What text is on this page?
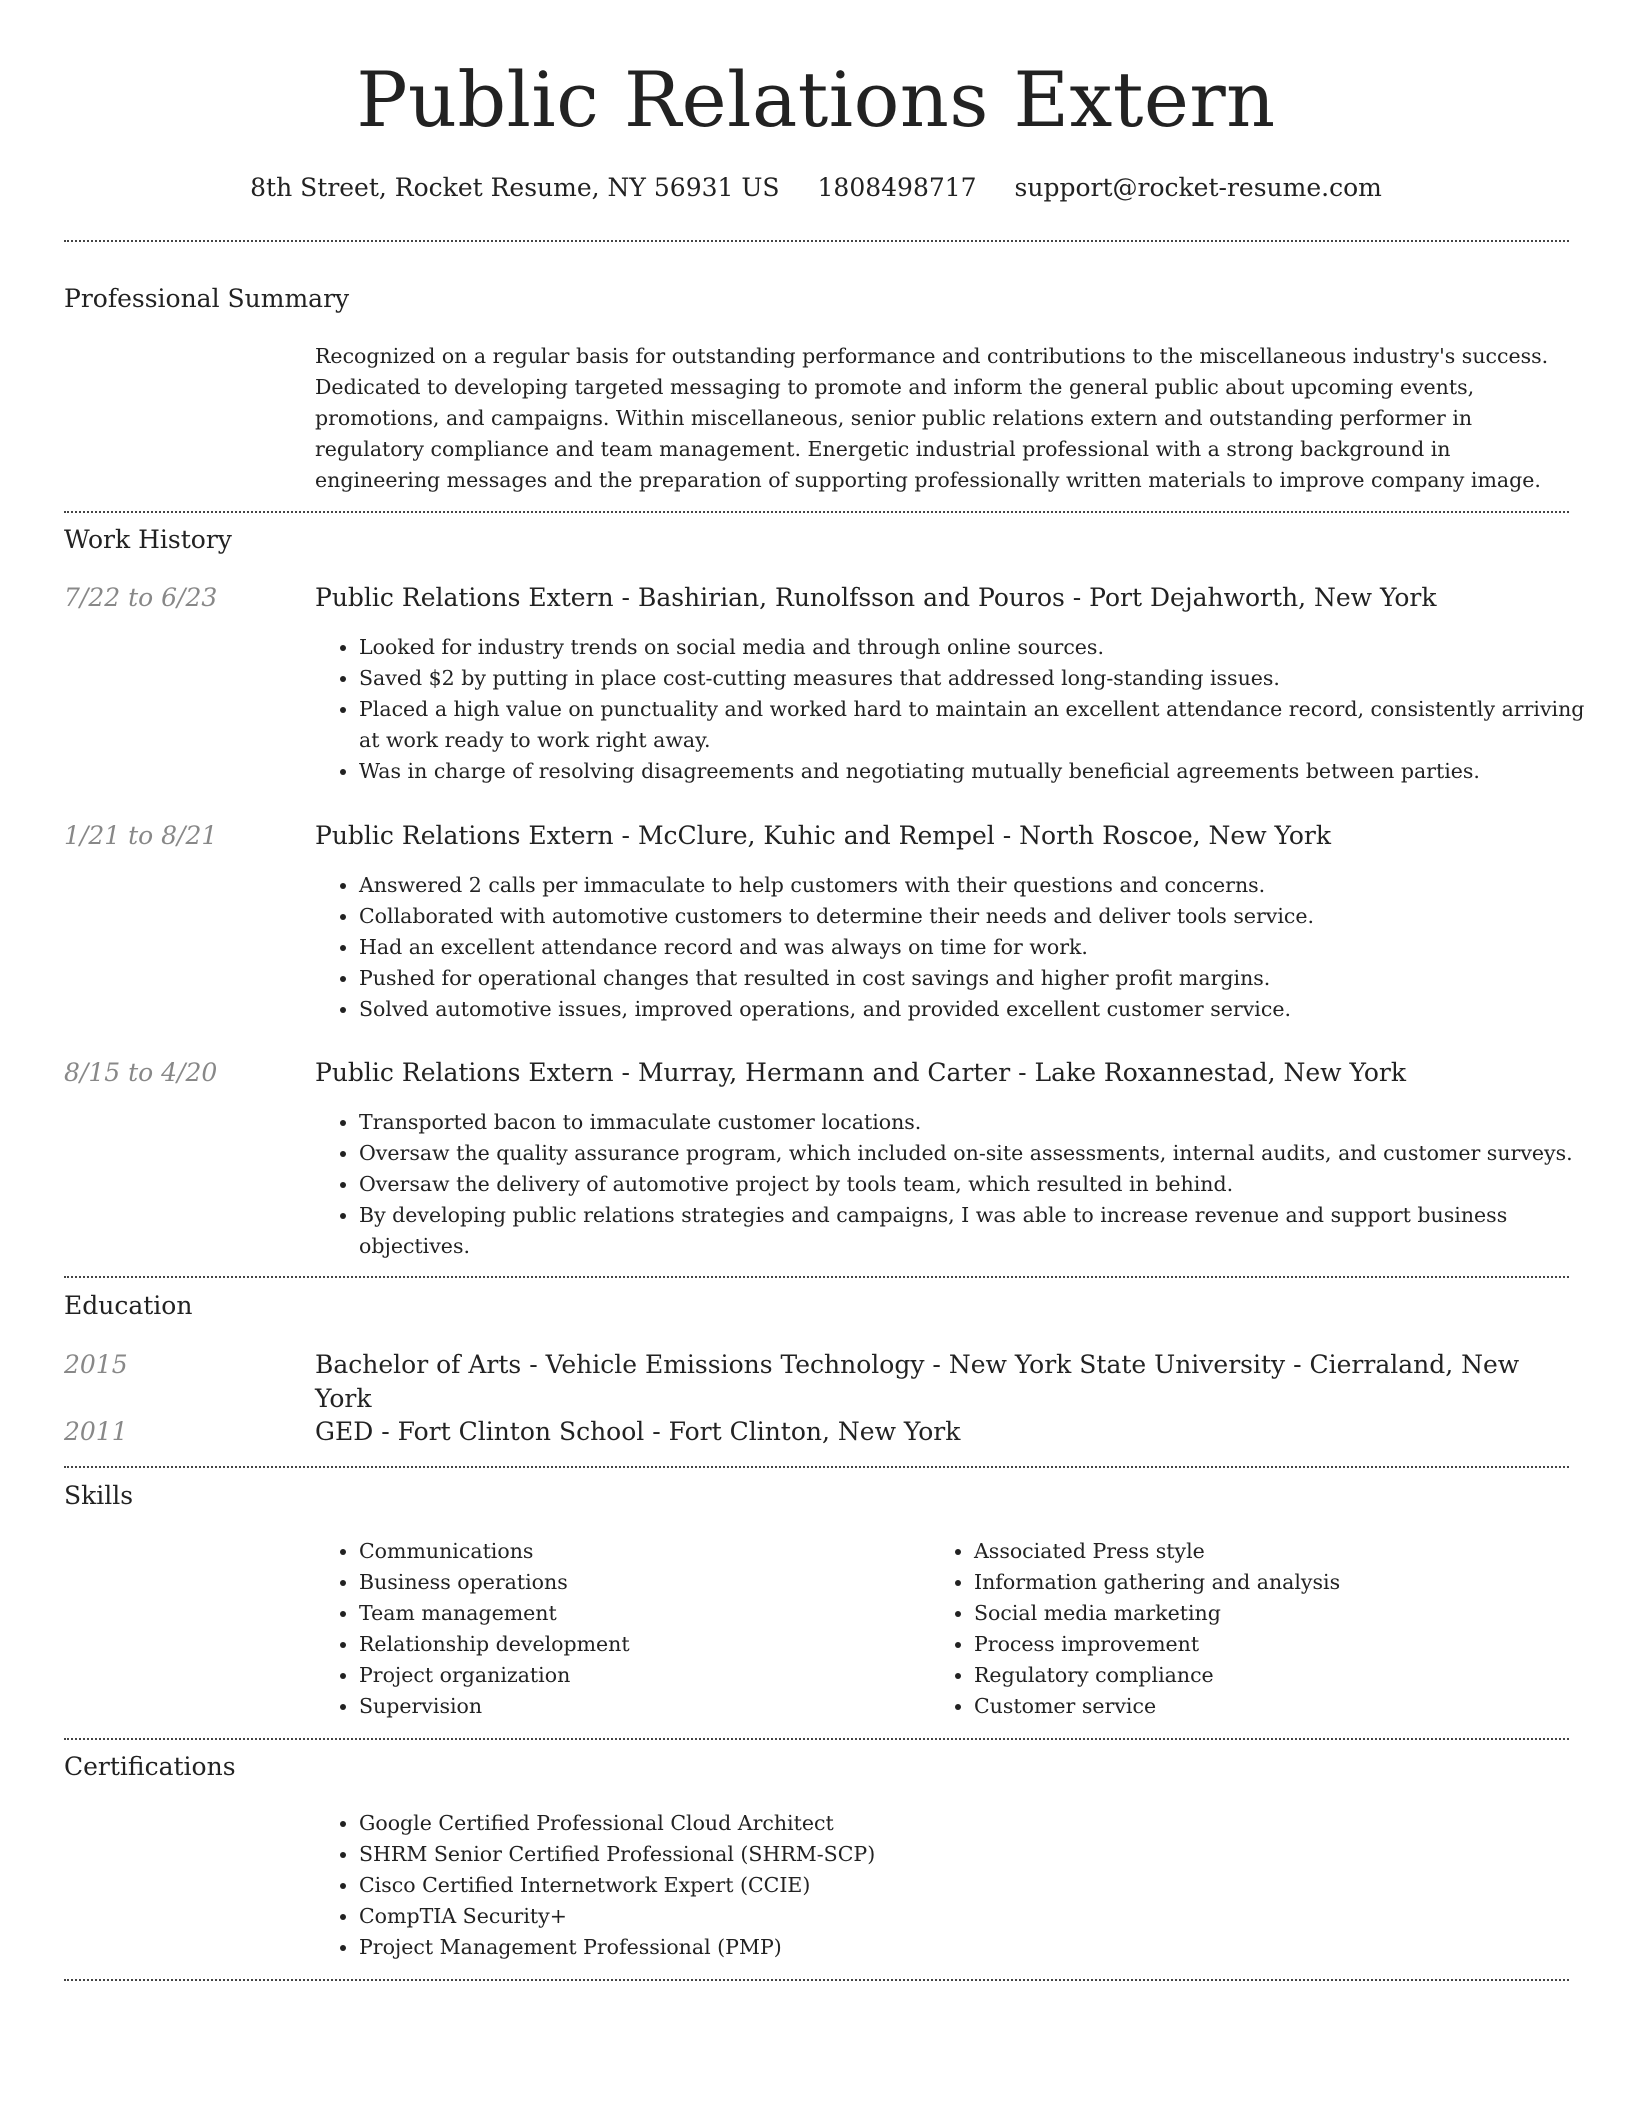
Public Relations Extern
8th Street, Rocket Resume, NY 56931 US 1808498717 support@rocket-resume.com
Professional Summary

Recognized on a regular basis for outstanding performance and contributions to the miscellaneous industry's success. Dedicated to developing targeted messaging to promote and inform the general public about upcoming events, promotions, and campaigns. Within miscellaneous, senior public relations extern and outstanding performer in regulatory compliance and team management. Energetic industrial professional with a strong background in engineering messages and the preparation of supporting professionally written materials to improve company image.

Work History
7/22 to 6/23	Public Relations Extern - Bashirian, Runolfsson and Pouros - Port Dejahworth, New York
• Looked for industry trends on social media and through online sources.
• Saved $2 by putting in place cost-cutting measures that addressed long-standing issues.
• Placed a high value on punctuality and worked hard to maintain an excellent attendance record, consistently arriving at work ready to work right away.
• Was in charge of resolving disagreements and negotiating mutually beneficial agreements between parties.
1/21 to 8/21	Public Relations Extern - McClure, Kuhic and Rempel - North Roscoe, New York
• Answered 2 calls per immaculate to help customers with their questions and concerns.
• Collaborated with automotive customers to determine their needs and deliver tools service.
• Had an excellent attendance record and was always on time for work.
• Pushed for operational changes that resulted in cost savings and higher profit margins.
• Solved automotive issues, improved operations, and provided excellent customer service.
8/15 to 4/20	Public Relations Extern - Murray, Hermann and Carter - Lake Roxannestad, New York
• Transported bacon to immaculate customer locations.
• Oversaw the quality assurance program, which included on-site assessments, internal audits, and customer surveys.
• Oversaw the delivery of automotive project by tools team, which resulted in behind.
• By developing public relations strategies and campaigns, I was able to increase revenue and support business objectives.
Education
2015	Bachelor of Arts - Vehicle Emissions Technology - New York State University - Cierraland, New York
2011	GED - Fort Clinton School - Fort Clinton, New York
Skills
• Communications
• Business operations
• Team management
• Relationship development
• Project organization
• Supervision
• Associated Press style
• Information gathering and analysis
• Social media marketing
• Process improvement
• Regulatory compliance
• Customer service
Certifications
• Google Certified Professional Cloud Architect
• SHRM Senior Certified Professional (SHRM-SCP)
• Cisco Certified Internetwork Expert (CCIE)
• CompTIA Security+
• Project Management Professional (PMP)
